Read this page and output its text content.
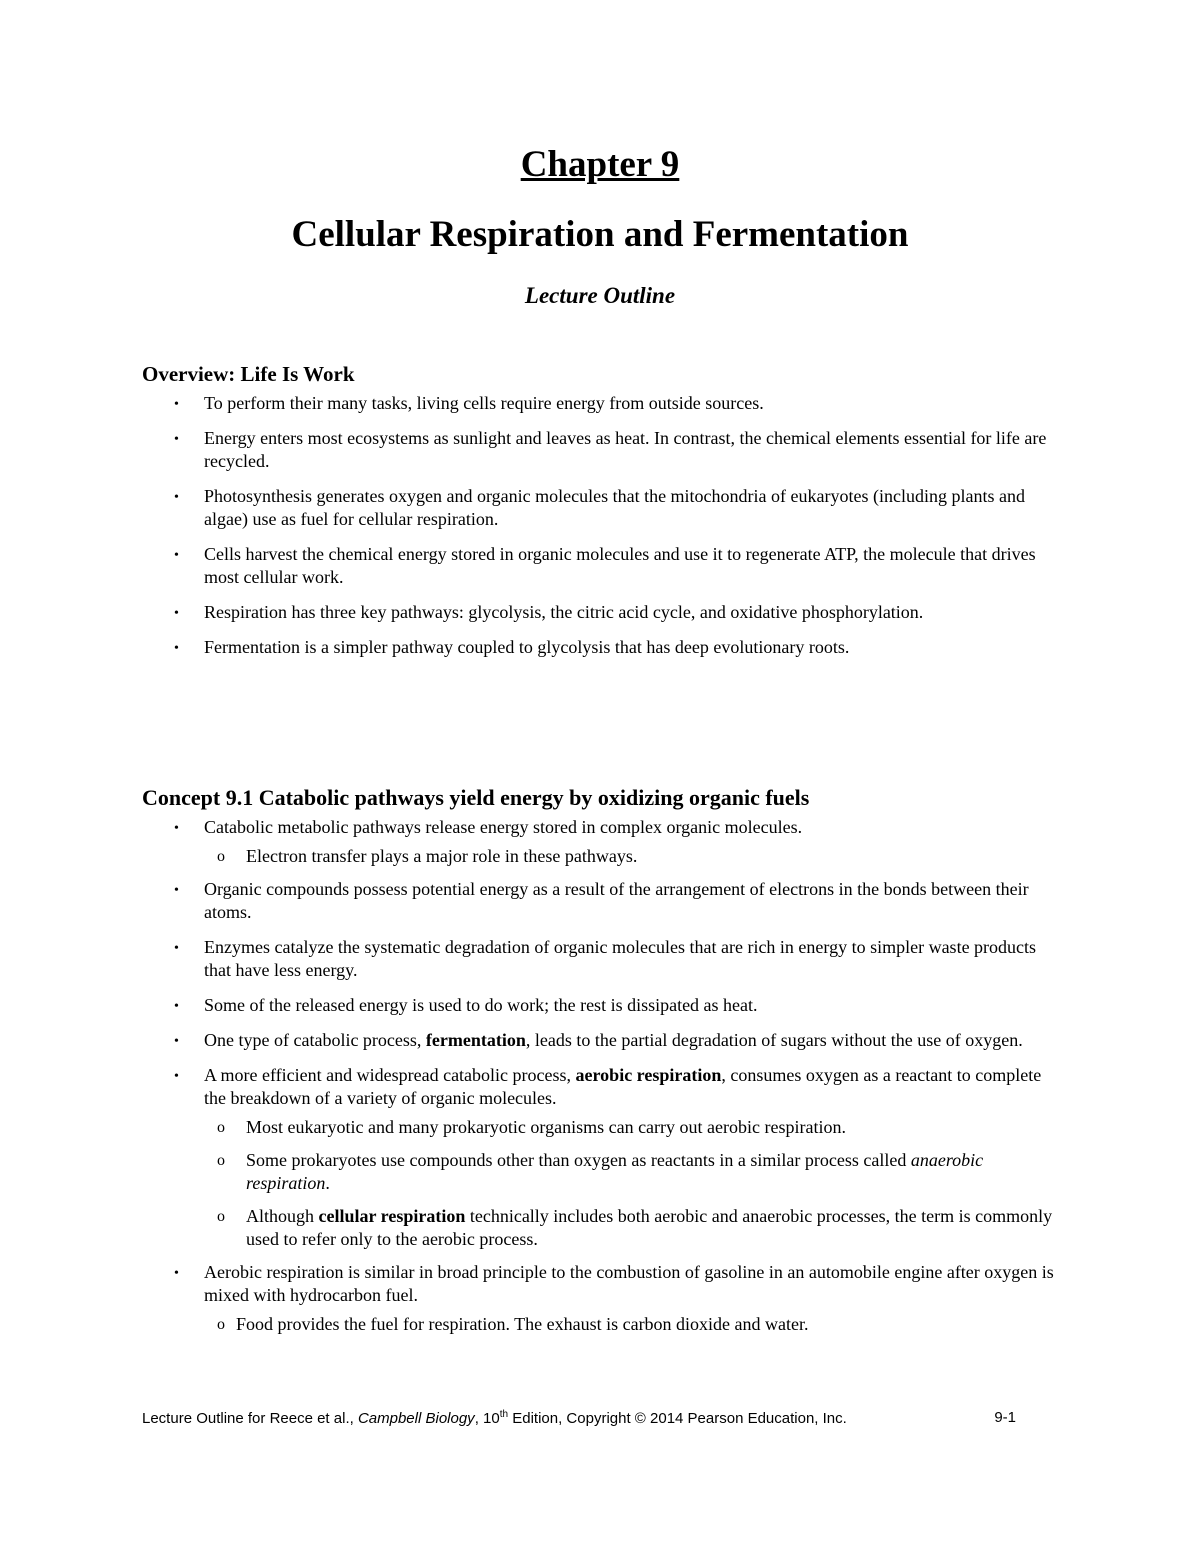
Chapter 9
Cellular Respiration and Fermentation
Lecture Outline
Overview: Life Is Work
• To perform their many tasks, living cells require energy from outside sources.
• Energy enters most ecosystems as sunlight and leaves as heat. In contrast, the chemical elements essential for life are recycled.
• Photosynthesis generates oxygen and organic molecules that the mitochondria of eukaryotes (including plants and algae) use as fuel for cellular respiration.
• Cells harvest the chemical energy stored in organic molecules and use it to regenerate ATP, the molecule that drives most cellular work.
• Respiration has three key pathways: glycolysis, the citric acid cycle, and oxidative phosphorylation.
• Fermentation is a simpler pathway coupled to glycolysis that has deep evolutionary roots.
Concept 9.1 Catabolic pathways yield energy by oxidizing organic fuels
• Catabolic metabolic pathways release energy stored in complex organic molecules.
o Electron transfer plays a major role in these pathways.
• Organic compounds possess potential energy as a result of the arrangement of electrons in the bonds between their atoms.
• Enzymes catalyze the systematic degradation of organic molecules that are rich in energy to simpler waste products that have less energy.
• Some of the released energy is used to do work; the rest is dissipated as heat.
• One type of catabolic process, fermentation, leads to the partial degradation of sugars without the use of oxygen.
• A more efficient and widespread catabolic process, aerobic respiration, consumes oxygen as a reactant to complete the breakdown of a variety of organic molecules.
o Most eukaryotic and many prokaryotic organisms can carry out aerobic respiration.
o Some prokaryotes use compounds other than oxygen as reactants in a similar process called anaerobic respiration.
o Although cellular respiration technically includes both aerobic and anaerobic processes, the term is commonly used to refer only to the aerobic process.
• Aerobic respiration is similar in broad principle to the combustion of gasoline in an automobile engine after oxygen is mixed with hydrocarbon fuel.
o Food provides the fuel for respiration. The exhaust is carbon dioxide and water.
Lecture Outline for Reece et al., Campbell Biology, 10th Edition, Copyright © 2014 Pearson Education, Inc.	9-1
